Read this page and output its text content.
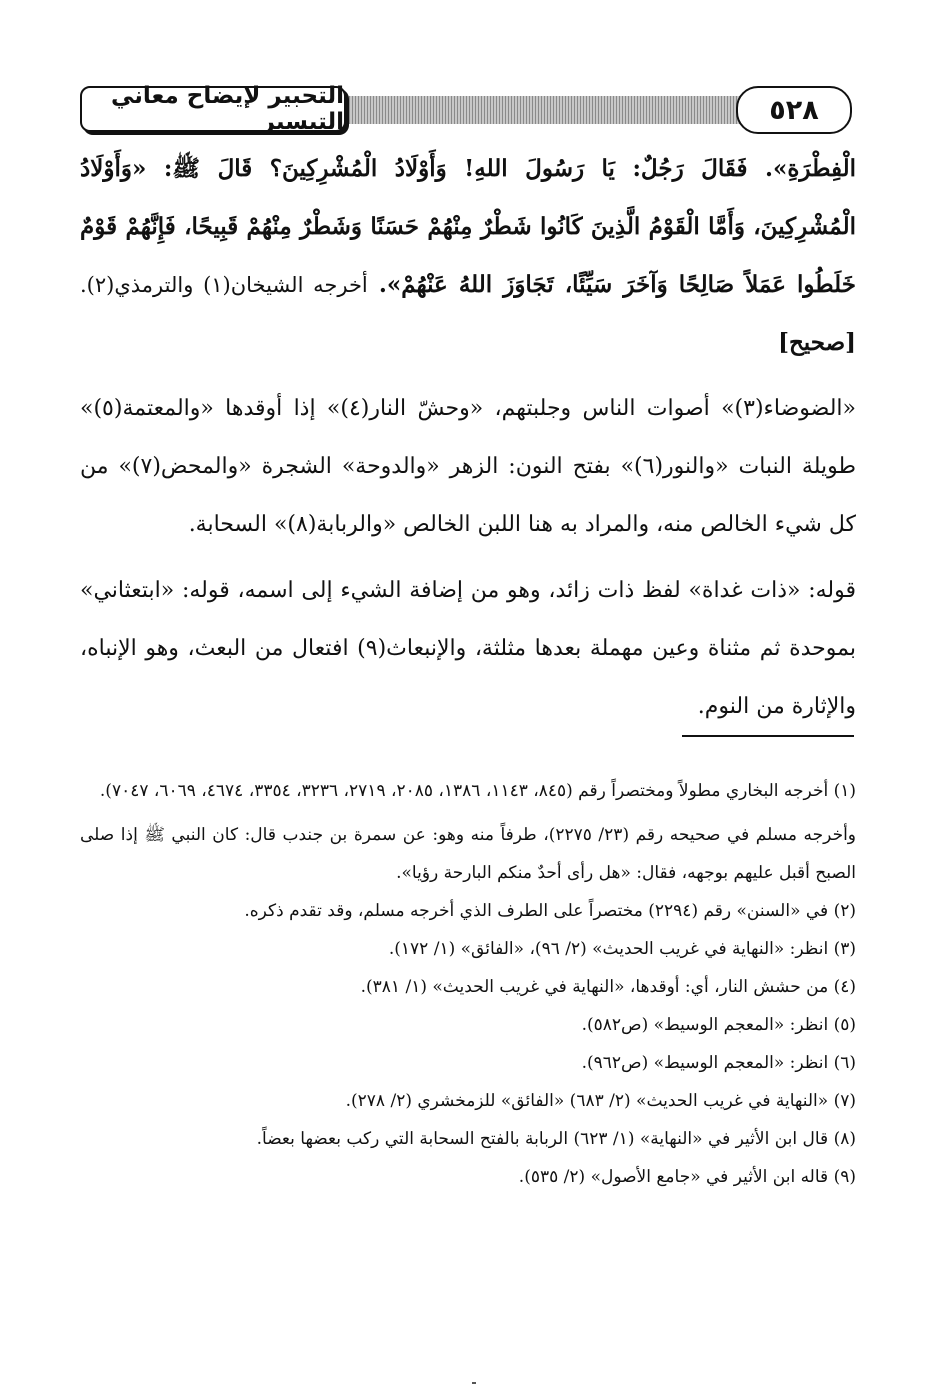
التحبير لإيضاح معاني التيسير	٥٢٨

الْفِطْرَةِ». فَقَالَ رَجُلٌ: يَا رَسُولَ اللهِ! وَأَوْلَادُ الْمُشْرِكِينَ؟ قَالَ ﷺ: «وَأَوْلَادُ الْمُشْرِكِينَ، وَأَمَّا الْقَوْمُ الَّذِينَ كَانُوا شَطْرٌ مِنْهُمْ حَسَنًا وَشَطْرٌ مِنْهُمْ قَبِيحًا، فَإِنَّهُمْ قَوْمٌ خَلَطُوا عَمَلاً صَالِحًا وَآخَرَ سَيِّئًا، تَجَاوَزَ اللهُ عَنْهُمْ». أخرجه الشيخان(١) والترمذي(٢). [صحيح]

«الضوضاء(٣)» أصوات الناس وجلبتهم، «وحشّ النار(٤)» إذا أوقدها «والمعتمة(٥)» طويلة النبات «والنور(٦)» بفتح النون: الزهر «والدوحة» الشجرة «والمحض(٧)» من كل شيء الخالص منه، والمراد به هنا اللبن الخالص «والربابة(٨)» السحابة.

قوله: «ذات غداة» لفظ ذات زائد، وهو من إضافة الشيء إلى اسمه، قوله: «ابتعثاني» بموحدة ثم مثناة وعين مهملة بعدها مثلثة، والإنبعاث(٩) افتعال من البعث، وهو الإنباه، والإثارة من النوم.

(١) أخرجه البخاري مطولاً ومختصراً رقم (٨٤٥، ١١٤٣، ١٣٨٦، ٢٠٨٥، ٢٧١٩، ٣٢٣٦، ٣٣٥٤، ٤٦٧٤، ٦٠٦٩، ٧٠٤٧).

وأخرجه مسلم في صحيحه رقم (٢٣/ ٢٢٧٥)، طرفاً منه وهو: عن سمرة بن جندب قال: كان النبي ﷺ إذا صلى الصبح أقبل عليهم بوجهه، فقال: «هل رأى أحدٌ منكم البارحة رؤيا».

(٢) في «السنن» رقم (٢٢٩٤) مختصراً على الطرف الذي أخرجه مسلم، وقد تقدم ذكره.

(٣) انظر: «النهاية في غريب الحديث» (٢/ ٩٦)، «الفائق» (١/ ١٧٢).

(٤) من حشش النار، أي: أوقدها، «النهاية في غريب الحديث» (١/ ٣٨١).

(٥) انظر: «المعجم الوسيط» (ص٥٨٢).

(٦) انظر: «المعجم الوسيط» (ص٩٦٢).

(٧) «النهاية في غريب الحديث» (٢/ ٦٨٣) «الفائق» للزمخشري (٢/ ٢٧٨).

(٨) قال ابن الأثير في «النهاية» (١/ ٦٢٣) الربابة بالفتح السحابة التي ركب بعضها بعضاً.

(٩) قاله ابن الأثير في «جامع الأصول» (٢/ ٥٣٥).
